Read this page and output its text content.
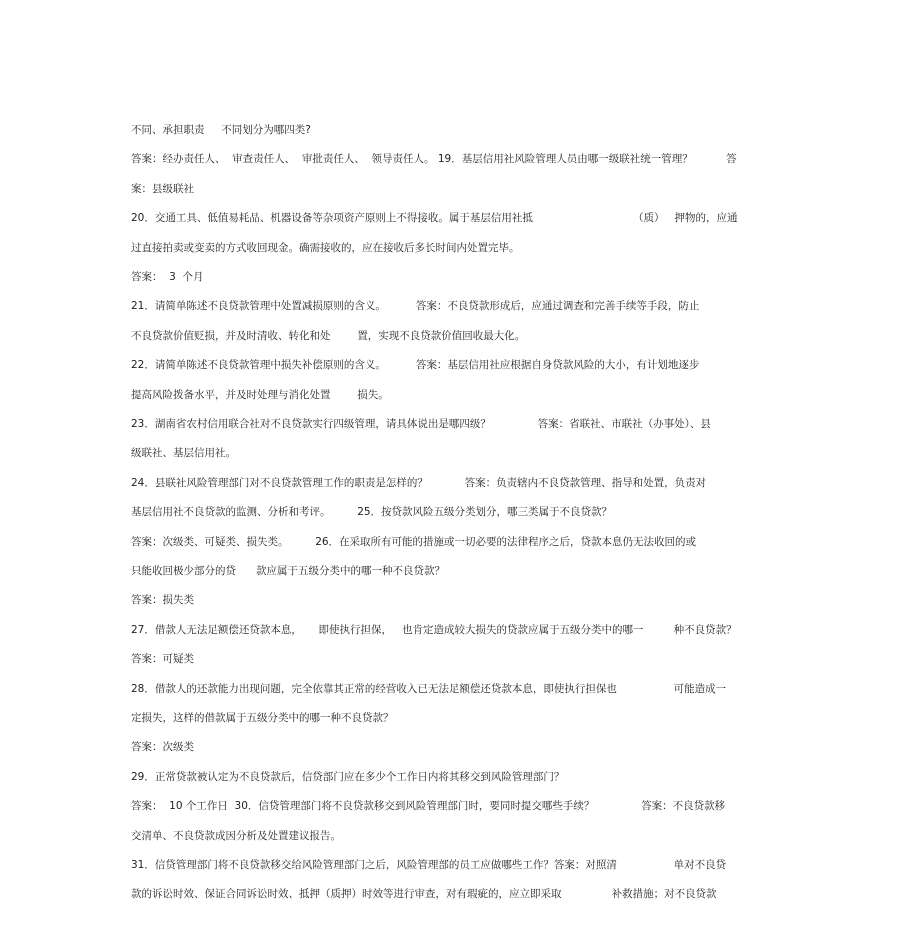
不同、承担职责     不同划分为哪四类?
答案：经办责任人、  审查责任人、  审批责任人、  领导责任人。 19．基层信用社风险管理人员由哪一级联社统一管理？          答
案：县级联社
20．交通工具、低值易耗品、机器设备等杂项资产原则上不得接收。属于基层信用社抵                              （质）   押物的，应通
过直接拍卖或变卖的方式收回现金。确需接收的，应在接收后多长时间内处置完毕。
答案：  3  个月
21．请简单陈述不良贷款管理中处置减损原则的含义。         答案：不良贷款形成后，应通过调查和完善手续等手段，防止
不良贷款价值贬损，并及时清收、转化和处        置，实现不良贷款价值回收最大化。
22．请简单陈述不良贷款管理中损失补偿原则的含义。         答案：基层信用社应根据自身贷款风险的大小，有计划地逐步
提高风险拨备水平，并及时处理与消化处置        损失。
23．湖南省农村信用联合社对不良贷款实行四级管理，请具体说出是哪四级？              答案：省联社、市联社（办事处）、县
级联社、基层信用社。
24．县联社风险管理部门对不良贷款管理工作的职责是怎样的？           答案：负责辖内不良贷款管理、指导和处置，负责对
基层信用社不良贷款的监测、分析和考评。        25．按贷款风险五级分类划分，哪三类属于不良贷款？
答案：次级类、可疑类、损失类。        26．在采取所有可能的措施或一切必要的法律程序之后，贷款本息仍无法收回的或
只能收回极少部分的贷      款应属于五级分类中的哪一种不良贷款？
答案：损失类
27．借款人无法足额偿还贷款本息，     即使执行担保，   也肯定造成较大损失的贷款应属于五级分类中的哪一         种不良贷款？
答案：可疑类
28．借款人的还款能力出现问题，完全依靠其正常的经营收入已无法足额偿还贷款本息，即使执行担保也                 可能造成一
定损失，这样的借款属于五级分类中的哪一种不良贷款？
答案：次级类
29．正常贷款被认定为不良贷款后，信贷部门应在多少个工作日内将其移交到风险管理部门？
答案：  10 个工作日  30．信贷管理部门将不良贷款移交到风险管理部门时，要同时提交哪些手续？              答案：不良贷款移
交清单、不良贷款成因分析及处置建议报告。
31．信贷管理部门将不良贷款移交给风险管理部门之后，风险管理部的员工应做哪些工作？答案：对照清                 单对不良贷
款的诉讼时效、保证合同诉讼时效、抵押（质押）时效等进行审查，对有瑕疵的，应立即采取               补救措施；对不良贷款
